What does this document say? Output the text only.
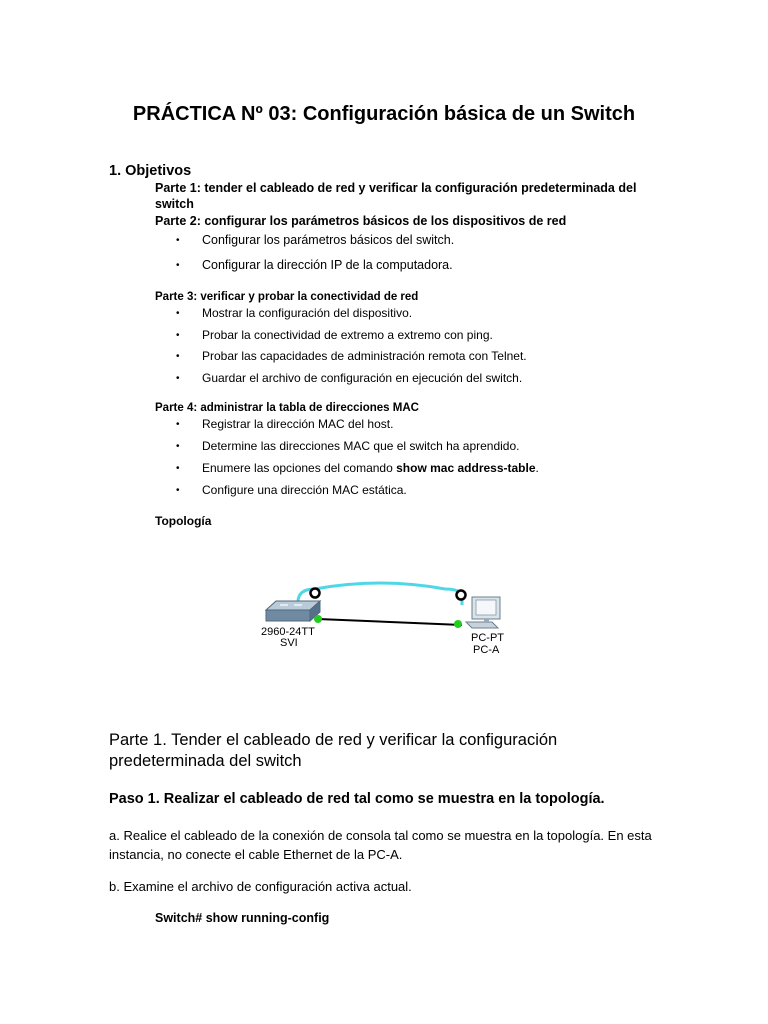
PRÁCTICA Nº 03: Configuración básica de un Switch
1. Objetivos
Parte 1: tender el cableado de red y verificar la configuración predeterminada del
switch
Parte 2: configurar los parámetros básicos de los dispositivos de red
• Configurar los parámetros básicos del switch.
• Configurar la dirección IP de la computadora.
Parte 3: verificar y probar la conectividad de red
• Mostrar la configuración del dispositivo.
• Probar la conectividad de extremo a extremo con ping.
• Probar las capacidades de administración remota con Telnet.
• Guardar el archivo de configuración en ejecución del switch.
Parte 4: administrar la tabla de direcciones MAC
• Registrar la dirección MAC del host.
• Determine las direcciones MAC que el switch ha aprendido.
• Enumere las opciones del comando show mac address-table.
• Configure una dirección MAC estática.
Topología
2960-24TT
SVI	PC-PT
PC-A
Parte 1. Tender el cableado de red y verificar la configuración
predeterminada del switch
Paso 1. Realizar el cableado de red tal como se muestra en la topología.
a. Realice el cableado de la conexión de consola tal como se muestra en la topología. En esta
instancia, no conecte el cable Ethernet de la PC-A.
b. Examine el archivo de configuración activa actual.
Switch# show running-config
